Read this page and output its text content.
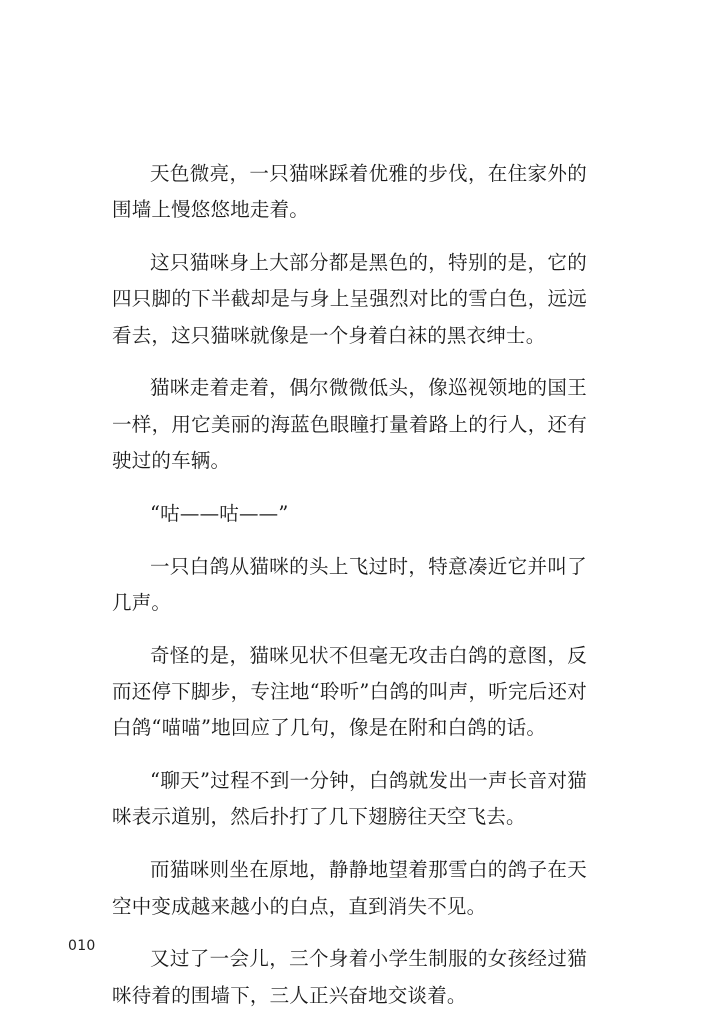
天色微亮，一只猫咪踩着优雅的步伐，在住家外的围墙上慢悠悠地走着。

这只猫咪身上大部分都是黑色的，特别的是，它的四只脚的下半截却是与身上呈强烈对比的雪白色，远远看去，这只猫咪就像是一个身着白袜的黑衣绅士。

猫咪走着走着，偶尔微微低头，像巡视领地的国王一样，用它美丽的海蓝色眼瞳打量着路上的行人，还有驶过的车辆。

“咕——咕——”

一只白鸽从猫咪的头上飞过时，特意凑近它并叫了几声。

奇怪的是，猫咪见状不但毫无攻击白鸽的意图，反而还停下脚步，专注地“聆听”白鸽的叫声，听完后还对白鸽“喵喵”地回应了几句，像是在附和白鸽的话。

“聊天”过程不到一分钟，白鸽就发出一声长音对猫咪表示道别，然后扑打了几下翅膀往天空飞去。

而猫咪则坐在原地，静静地望着那雪白的鸽子在天空中变成越来越小的白点，直到消失不见。

又过了一会儿，三个身着小学生制服的女孩经过猫咪待着的围墙下，三人正兴奋地交谈着。

010
